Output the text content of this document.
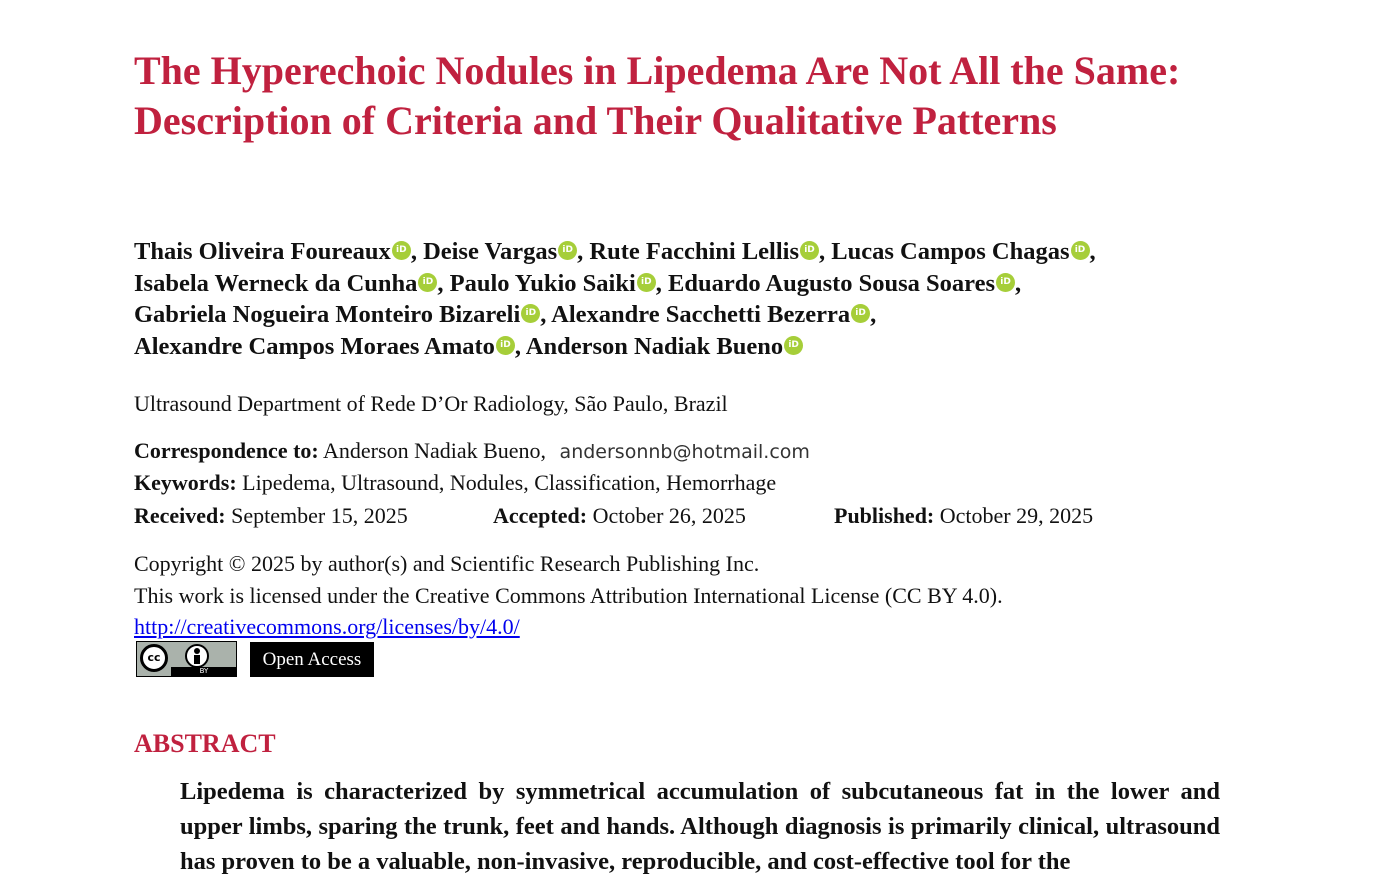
The Hyperechoic Nodules in Lipedema Are Not All the Same: Description of Criteria and Their Qualitative Patterns
Thais Oliveira Foureaux iD , Deise Vargas iD , Rute Facchini Lellis iD , Lucas Campos Chagas iD ,
Isabela Werneck da Cunha iD , Paulo Yukio Saiki iD , Eduardo Augusto Sousa Soares iD ,
Gabriela Nogueira Monteiro Bizareli iD , Alexandre Sacchetti Bezerra iD ,
Alexandre Campos Moraes Amato iD , Anderson Nadiak Bueno iD
Ultrasound Department of Rede D’Or Radiology, São Paulo, Brazil
Correspondence to: Anderson Nadiak Bueno, andersonnb@hotmail.com
Keywords: Lipedema, Ultrasound, Nodules, Classification, Hemorrhage
Received: September 15, 2025	Accepted: October 26, 2025	Published: October 29, 2025
Copyright © 2025 by author(s) and Scientific Research Publishing Inc.
This work is licensed under the Creative Commons Attribution International License (CC BY 4.0).
http://creativecommons.org/licenses/by/4.0/
cc
BY
Open Access
ABSTRACT
Lipedema is characterized by symmetrical accumulation of subcutaneous fat in the lower and upper limbs, sparing the trunk, feet and hands. Although diagnosis is primarily clinical, ultrasound has proven to be a valuable, non-invasive, reproducible, and cost-effective tool for the
